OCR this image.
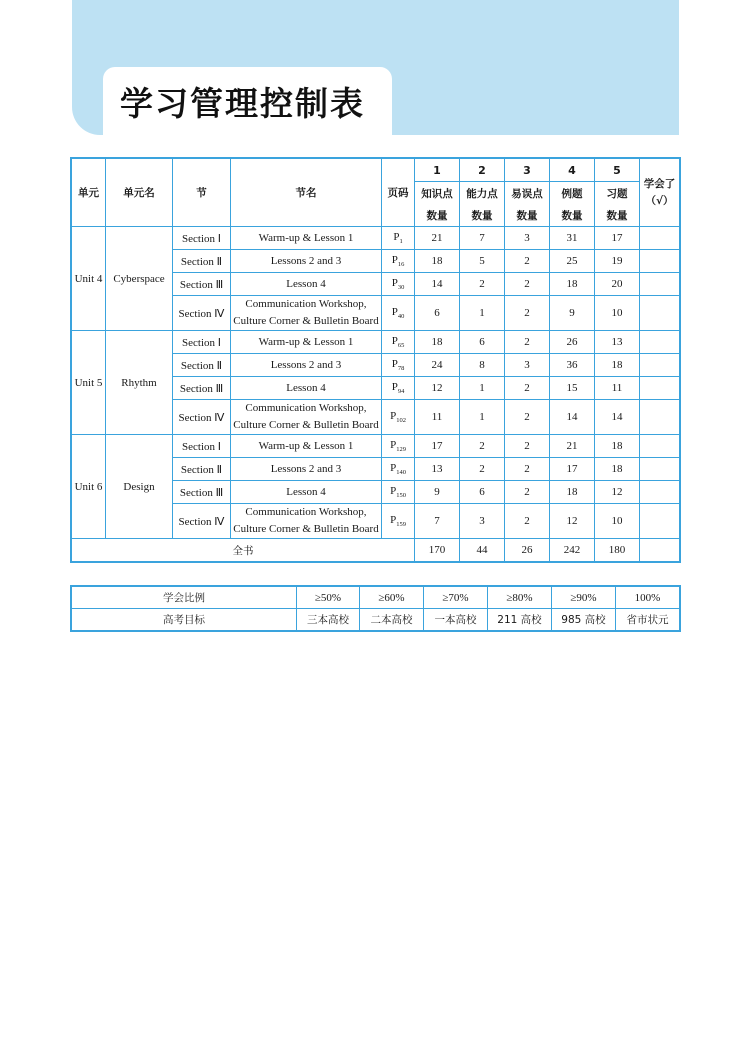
学习管理控制表
单元	单元名	节	节名	页码	1	2	3	4	5	学会了（√）
					知识点	能力点	易误点	例题	习题	
					数量	数量	数量	数量	数量	
Unit 4	Cyberspace	Section Ⅰ	Warm-up & Lesson 1	$P_1$	21	7	3	31	17	
		Section Ⅱ	Lessons 2 and 3	$P_{16}$	18	5	2	25	19	
		Section Ⅲ	Lesson 4	$P_{30}$	14	2	2	18	20	
		Section Ⅳ	Communication Workshop,
Culture Corner & Bulletin Board	$P_{40}$	6	1	2	9	10	

Unit 5	Rhythm	Section Ⅰ	Warm-up & Lesson 1	$P_{65}$	18	6	2	26	13	
		Section Ⅱ	Lessons 2 and 3	$P_{78}$	24	8	3	36	18	
		Section Ⅲ	Lesson 4	$P_{94}$	12	1	2	15	11	
		Section Ⅳ	Communication Workshop,
Culture Corner & Bulletin Board	$P_{102}$	11	1	2	14	14	

Unit 6	Design	Section Ⅰ	Warm-up & Lesson 1	$P_{129}$	17	2	2	21	18	
		Section Ⅱ	Lessons 2 and 3	$P_{140}$	13	2	2	17	18	
		Section Ⅲ	Lesson 4	$P_{150}$	9	6	2	18	12	
		Section Ⅳ	Communication Workshop,
Culture Corner & Bulletin Board	$P_{159}$	7	3	2	12	10	

全书					170	44	26	242	180	
学会比例	≥50%	≥60%	≥70%	≥80%	≥90%	100%
高考目标	三本高校	二本高校	一本高校	211 高校	985 高校	省市状元
